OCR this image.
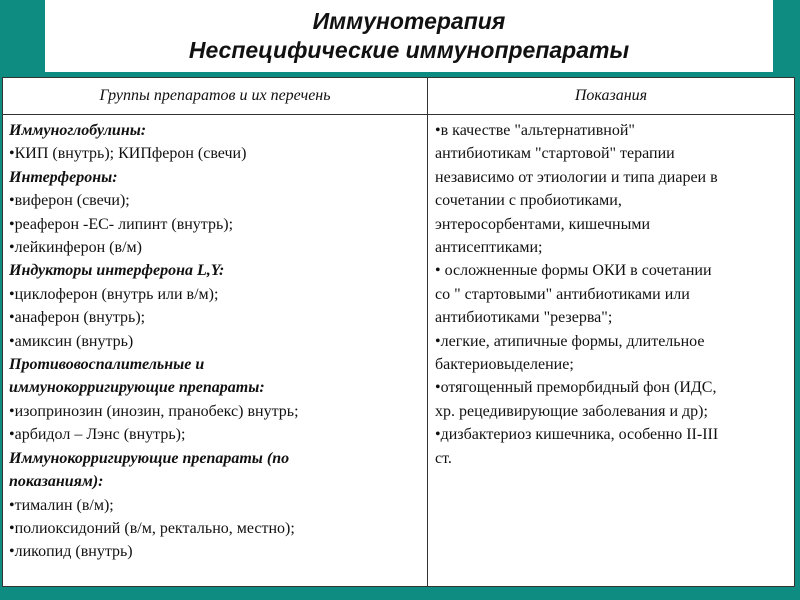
Иммунотерапия
Неспецифические иммунопрепараты
Группы препаратов и их перечень	Показания
Иммуноглобулины:
•КИП (внутрь); КИПферон (свечи)
Интерфероны:
•виферон (свечи);
•реаферон -ЕС- липинт (внутрь);
•лейкинферон (в/м)
Индукторы интерферона L,Y:
•циклоферон (внутрь или в/м);
•анаферон (внутрь);
•амиксин (внутрь)
Противовоспалительные и
иммунокорригирующие препараты:
•изопринозин (инозин, пранобекс) внутрь;
•арбидол – Лэнс (внутрь);
Иммунокорригирующие препараты (по
показаниям):
•тималин (в/м);
•полиоксидоний (в/м, ректально, местно);
•ликопид (внутрь)
•в качестве "альтернативной"
антибиотикам "стартовой" терапии
независимо от этиологии и типа диареи в
сочетании с пробиотиками,
энтеросорбентами, кишечными
антисептиками;
• осложненные формы ОКИ в сочетании
со " стартовыми" антибиотиками или
антибиотиками "резерва";
•легкие, атипичные формы, длительное
бактериовыделение;
•отягощенный преморбидный фон (ИДС,
хр. рецедивирующие заболевания и др);
•дизбактериоз кишечника, особенно II-III
ст.
